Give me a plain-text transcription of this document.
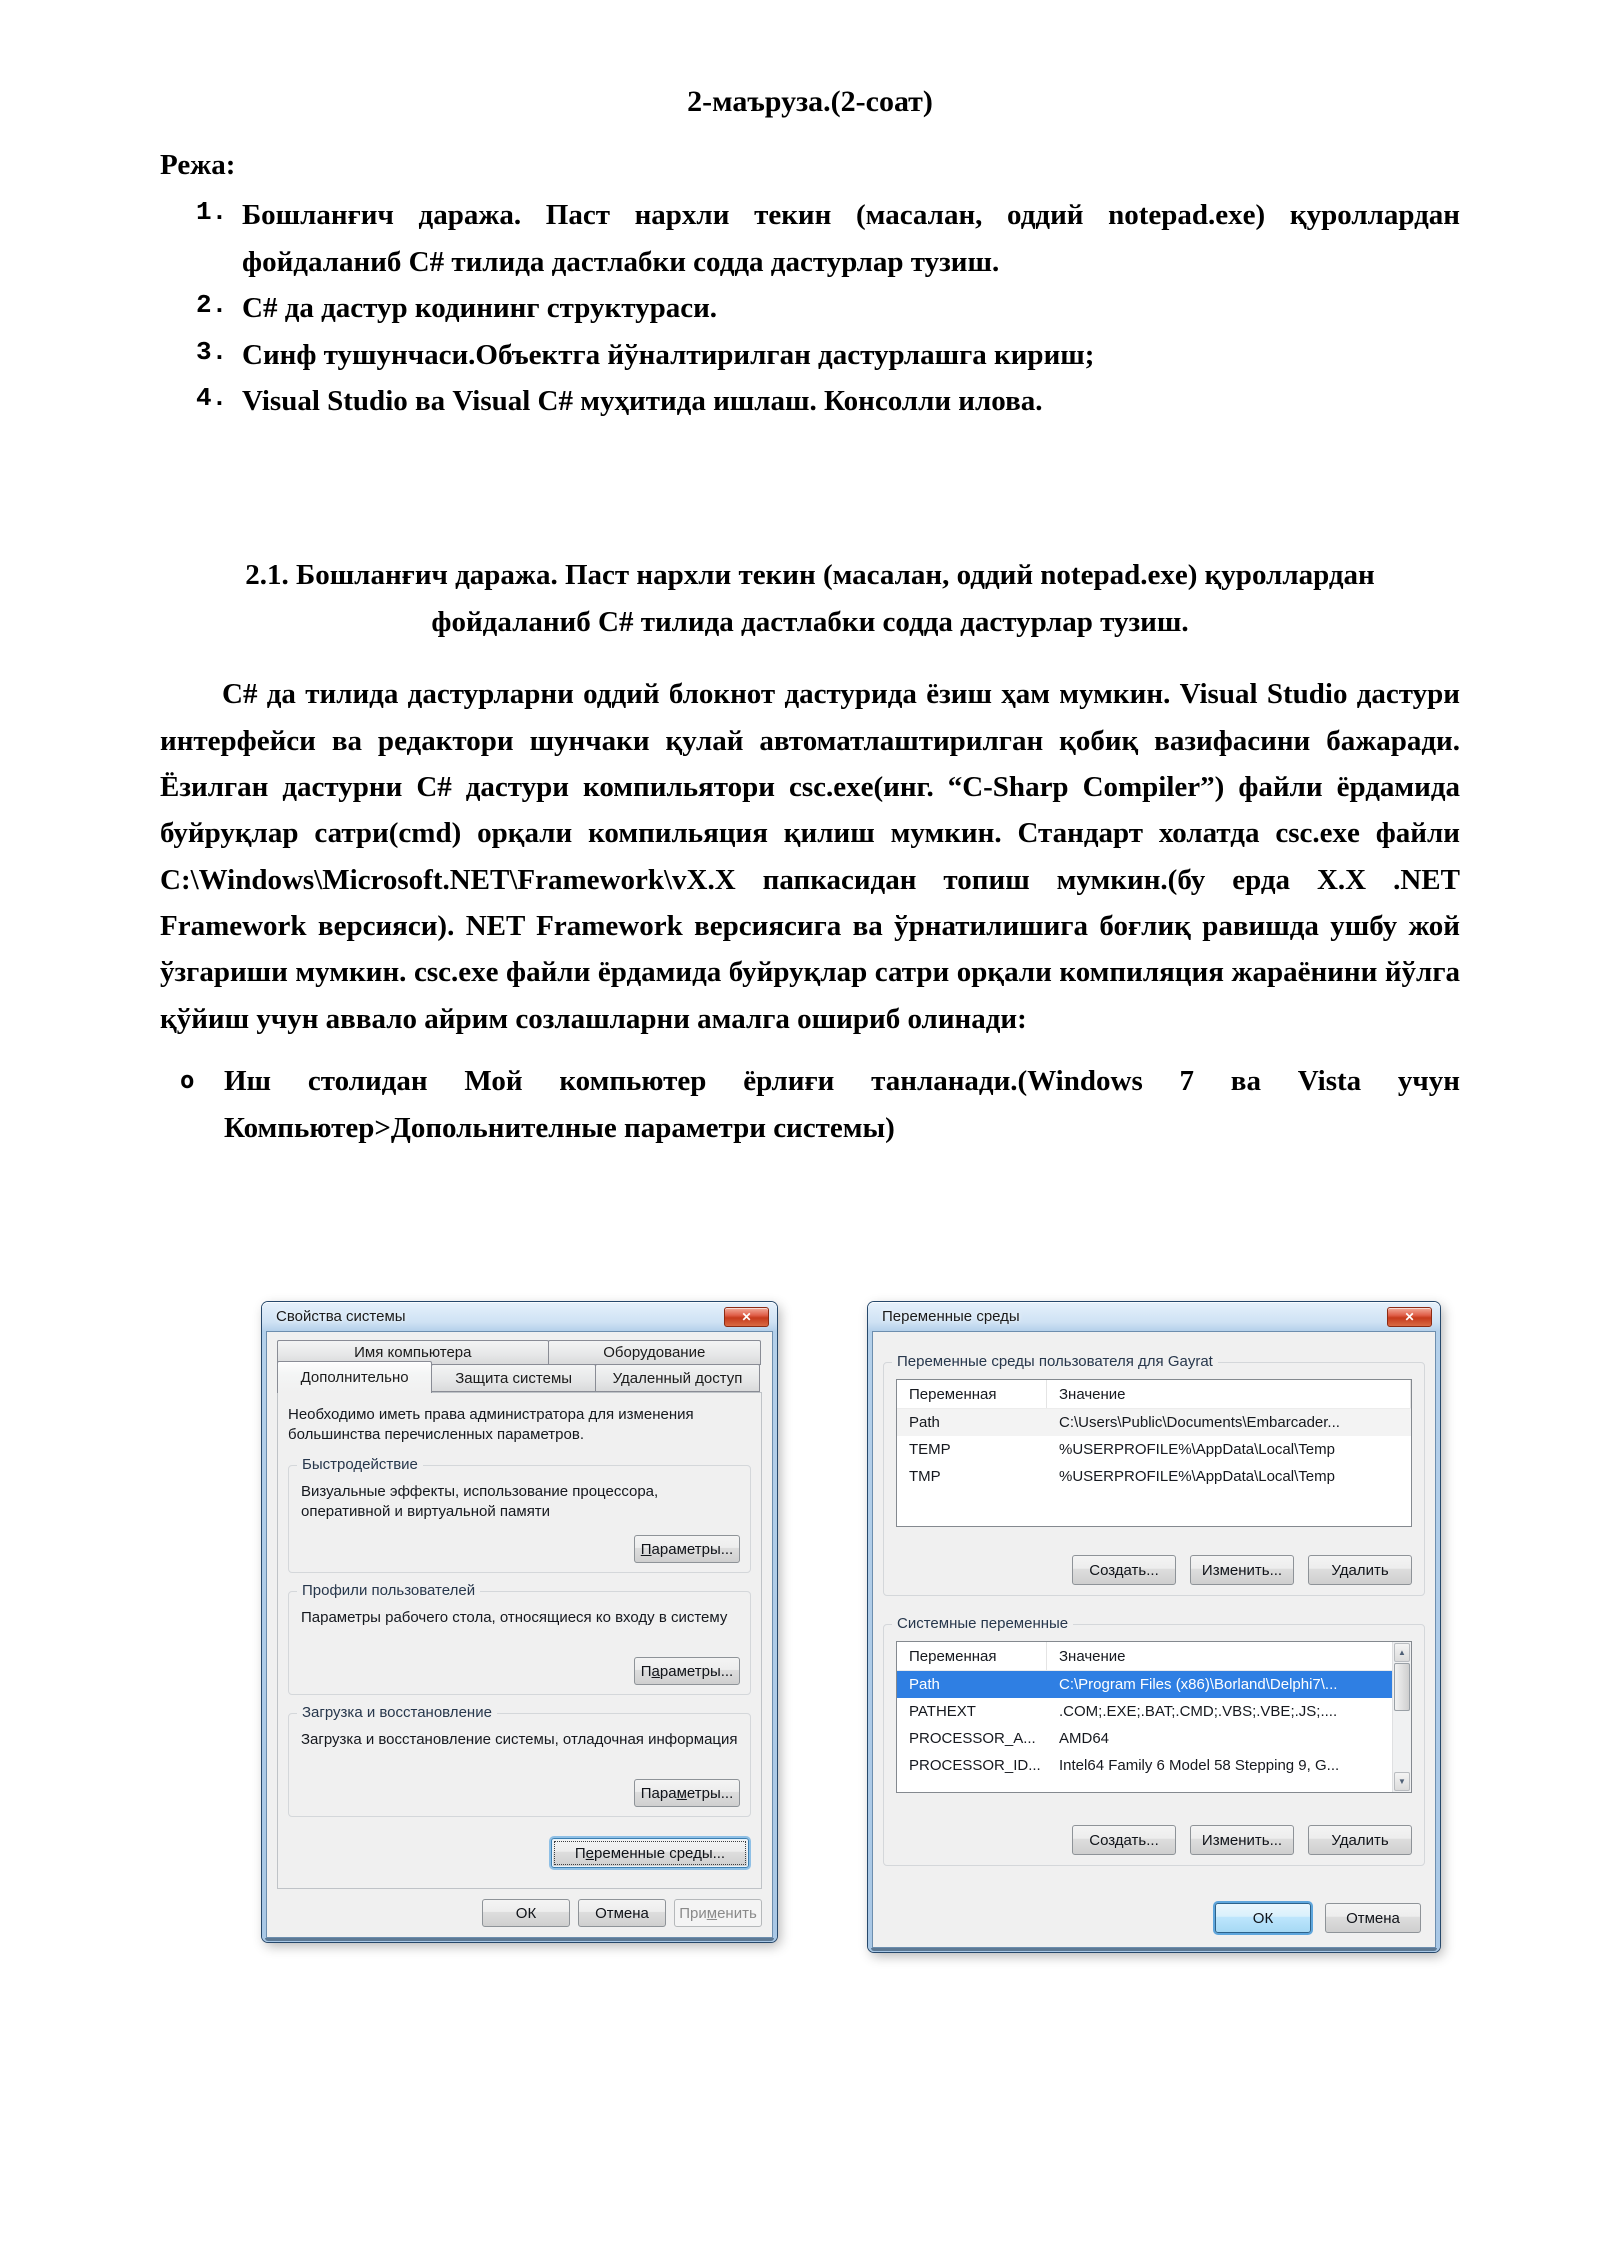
2-маъруза.(2-соат)

Режа:

1. Бошланғич даража. Паст нархли текин (масалан, оддий notepad.exe) қуроллардан фойдаланиб C# тилида дастлабки содда дастурлар тузиш.
2. C# да дастур кодининг структураси.
3. Синф тушунчаси.Объектга йўналтирилган дастурлашга кириш;
4. Visual Studio ва Visual C# муҳитида ишлаш. Консолли илова.
2.1. Бошланғич даража. Паст нархли текин (масалан, оддий notepad.exe) қуроллардан фойдаланиб C# тилида дастлабки содда дастурлар тузиш.

C# да тилида дастурларни оддий блокнот дастурида ёзиш ҳам мумкин. Visual Studio дастури интерфейси ва редактори шунчаки қулай автоматлаштирилган қобиқ вазифасини бажаради. Ёзилган дастурни C# дастури компильятори csc.exe(инг. “C-Sharp Compiler”) файли ёрдамида буйруқлар сатри(cmd) орқали компильяция қилиш мумкин. Стандарт холатда csc.exe файли C:\Windows\Microsoft.NET\Framework\vX.X папкасидан топиш мумкин.(бу ерда X.X .NET Framework версияси). NET Framework версиясига ва ўрнатилишига боғлиқ равишда ушбу жой ўзгариши мумкин. csc.exe файли ёрдамида буйруқлар сатри орқали компиляция жараёнини йўлга қўйиш учун аввало айрим созлашларни амалга ошириб олинади:

o	Иш столидан Мой компьютер ёрлиғи танланади.(Windows 7 ва Vista учун Компьютер>Допольнителные параметри системы)
Свойства системы	✕
Имя компьютера	Оборудование
Дополнительно	Защита системы	Удаленный доступ

Необходимо иметь права администратора для изменения большинства перечисленных параметров.

Быстродействие

Визуальные эффекты, использование процессора, оперативной и виртуальной памяти

П араметры...
Профили пользователей

Параметры рабочего стола, относящиеся ко входу в систему

П а раметры...
Загрузка и восстановление

Загрузка и восстановление системы, отладочная информация

Пара м етры...
П е ременные среды...
ОК	Отмена	При м енить
Переменные среды	✕
Переменные среды пользователя для Gayrat
Переменная	Значение
Path	C:\Users\Public\Documents\Embarcader...
TEMP	%USERPROFILE%\AppData\Local\Temp
TMP	%USERPROFILE%\AppData\Local\Temp
Создать...	Изменить...	Удалить
Системные переменные
Переменная	Значение
Path	C:\Program Files (x86)\Borland\Delphi7\...
PATHEXT	.COM;.EXE;.BAT;.CMD;.VBS;.VBE;.JS;....
PROCESSOR_A...	AMD64
PROCESSOR_ID...	Intel64 Family 6 Model 58 Stepping 9, G...
▲
▼
Создать...	Изменить...	Удалить
ОК	Отмена
